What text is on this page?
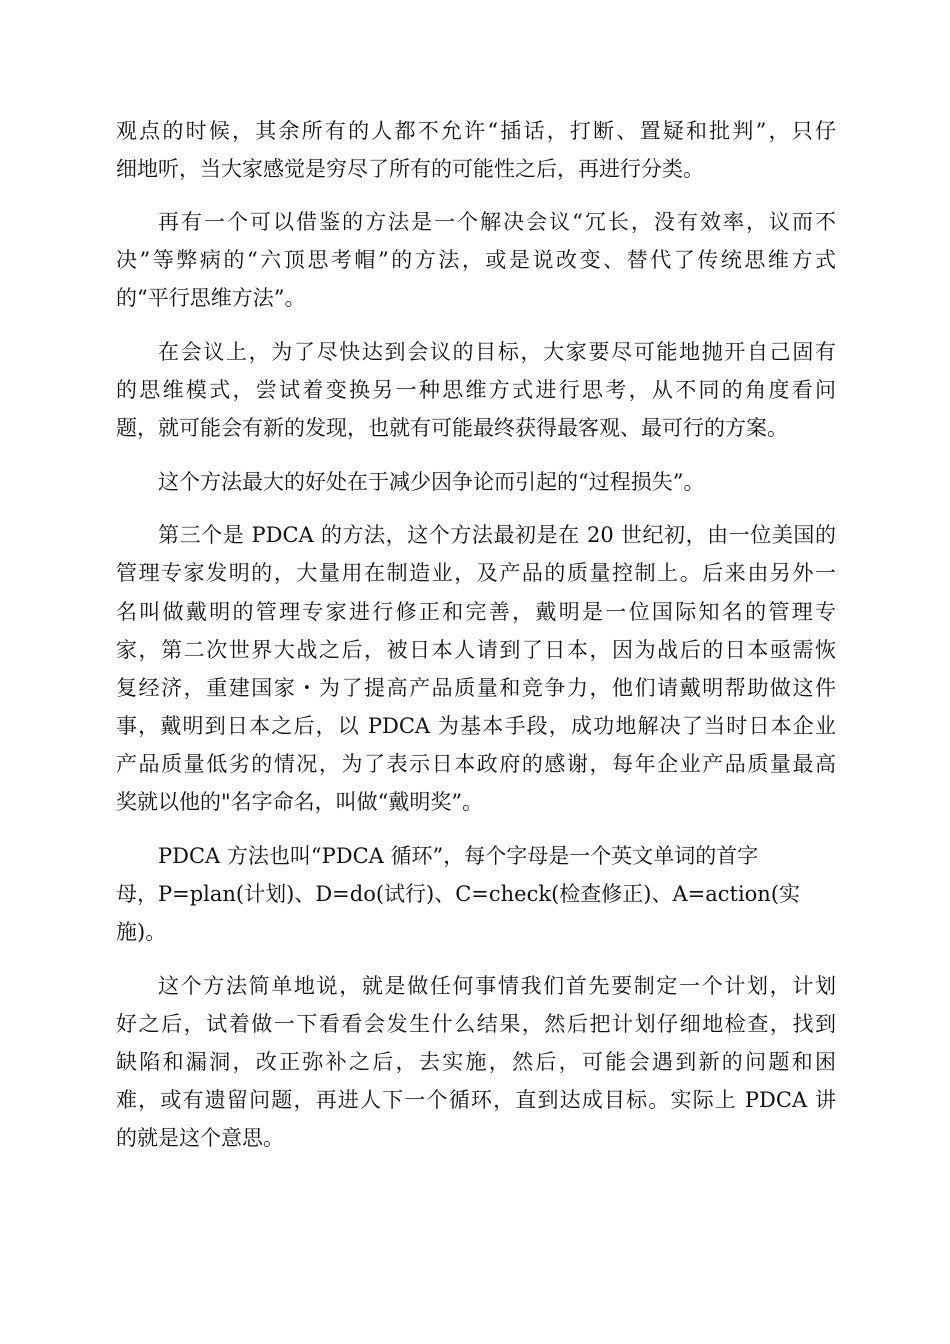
观点的时候，其余所有的人都不允许“插话，打断、置疑和批判”，只仔
细地听，当大家感觉是穷尽了所有的可能性之后，再进行分类。
再有一个可以借鉴的方法是一个解决会议“冗长，没有效率，议而不
决”等弊病的“六顶思考帽”的方法，或是说改变、替代了传统思维方式
的“平行思维方法”。
在会议上，为了尽快达到会议的目标，大家要尽可能地抛开自己固有
的思维模式，尝试着变换另一种思维方式进行思考，从不同的角度看问
题，就可能会有新的发现，也就有可能最终获得最客观、最可行的方案。
这个方法最大的好处在于减少因争论而引起的“过程损失”。
第三个是 PDCA 的方法，这个方法最初是在 20 世纪初，由一位美国的
管理专家发明的，大量用在制造业，及产品的质量控制上。后来由另外一
名叫做戴明的管理专家进行修正和完善，戴明是一位国际知名的管理专
家，第二次世界大战之后，被日本人请到了日本，因为战后的日本亟需恢
复经济，重建国家・为了提高产品质量和竞争力，他们请戴明帮助做这件
事，戴明到日本之后，以 PDCA 为基本手段，成功地解决了当时日本企业
产品质量低劣的情况，为了表示日本政府的感谢，每年企业产品质量最高
奖就以他的"名字命名，叫做“戴明奖”。
PDCA 方法也叫“PDCA 循环”，每个字母是一个英文单词的首字
母，P=plan(计划)、D=do(试行)、C=check(检查修正)、A=action(实
施)。
这个方法简单地说，就是做任何事情我们首先要制定一个计划，计划
好之后，试着做一下看看会发生什么结果，然后把计划仔细地检查，找到
缺陷和漏洞，改正弥补之后，去实施，然后，可能会遇到新的问题和困
难，或有遗留问题，再进人下一个循环，直到达成目标。实际上 PDCA 讲
的就是这个意思。
